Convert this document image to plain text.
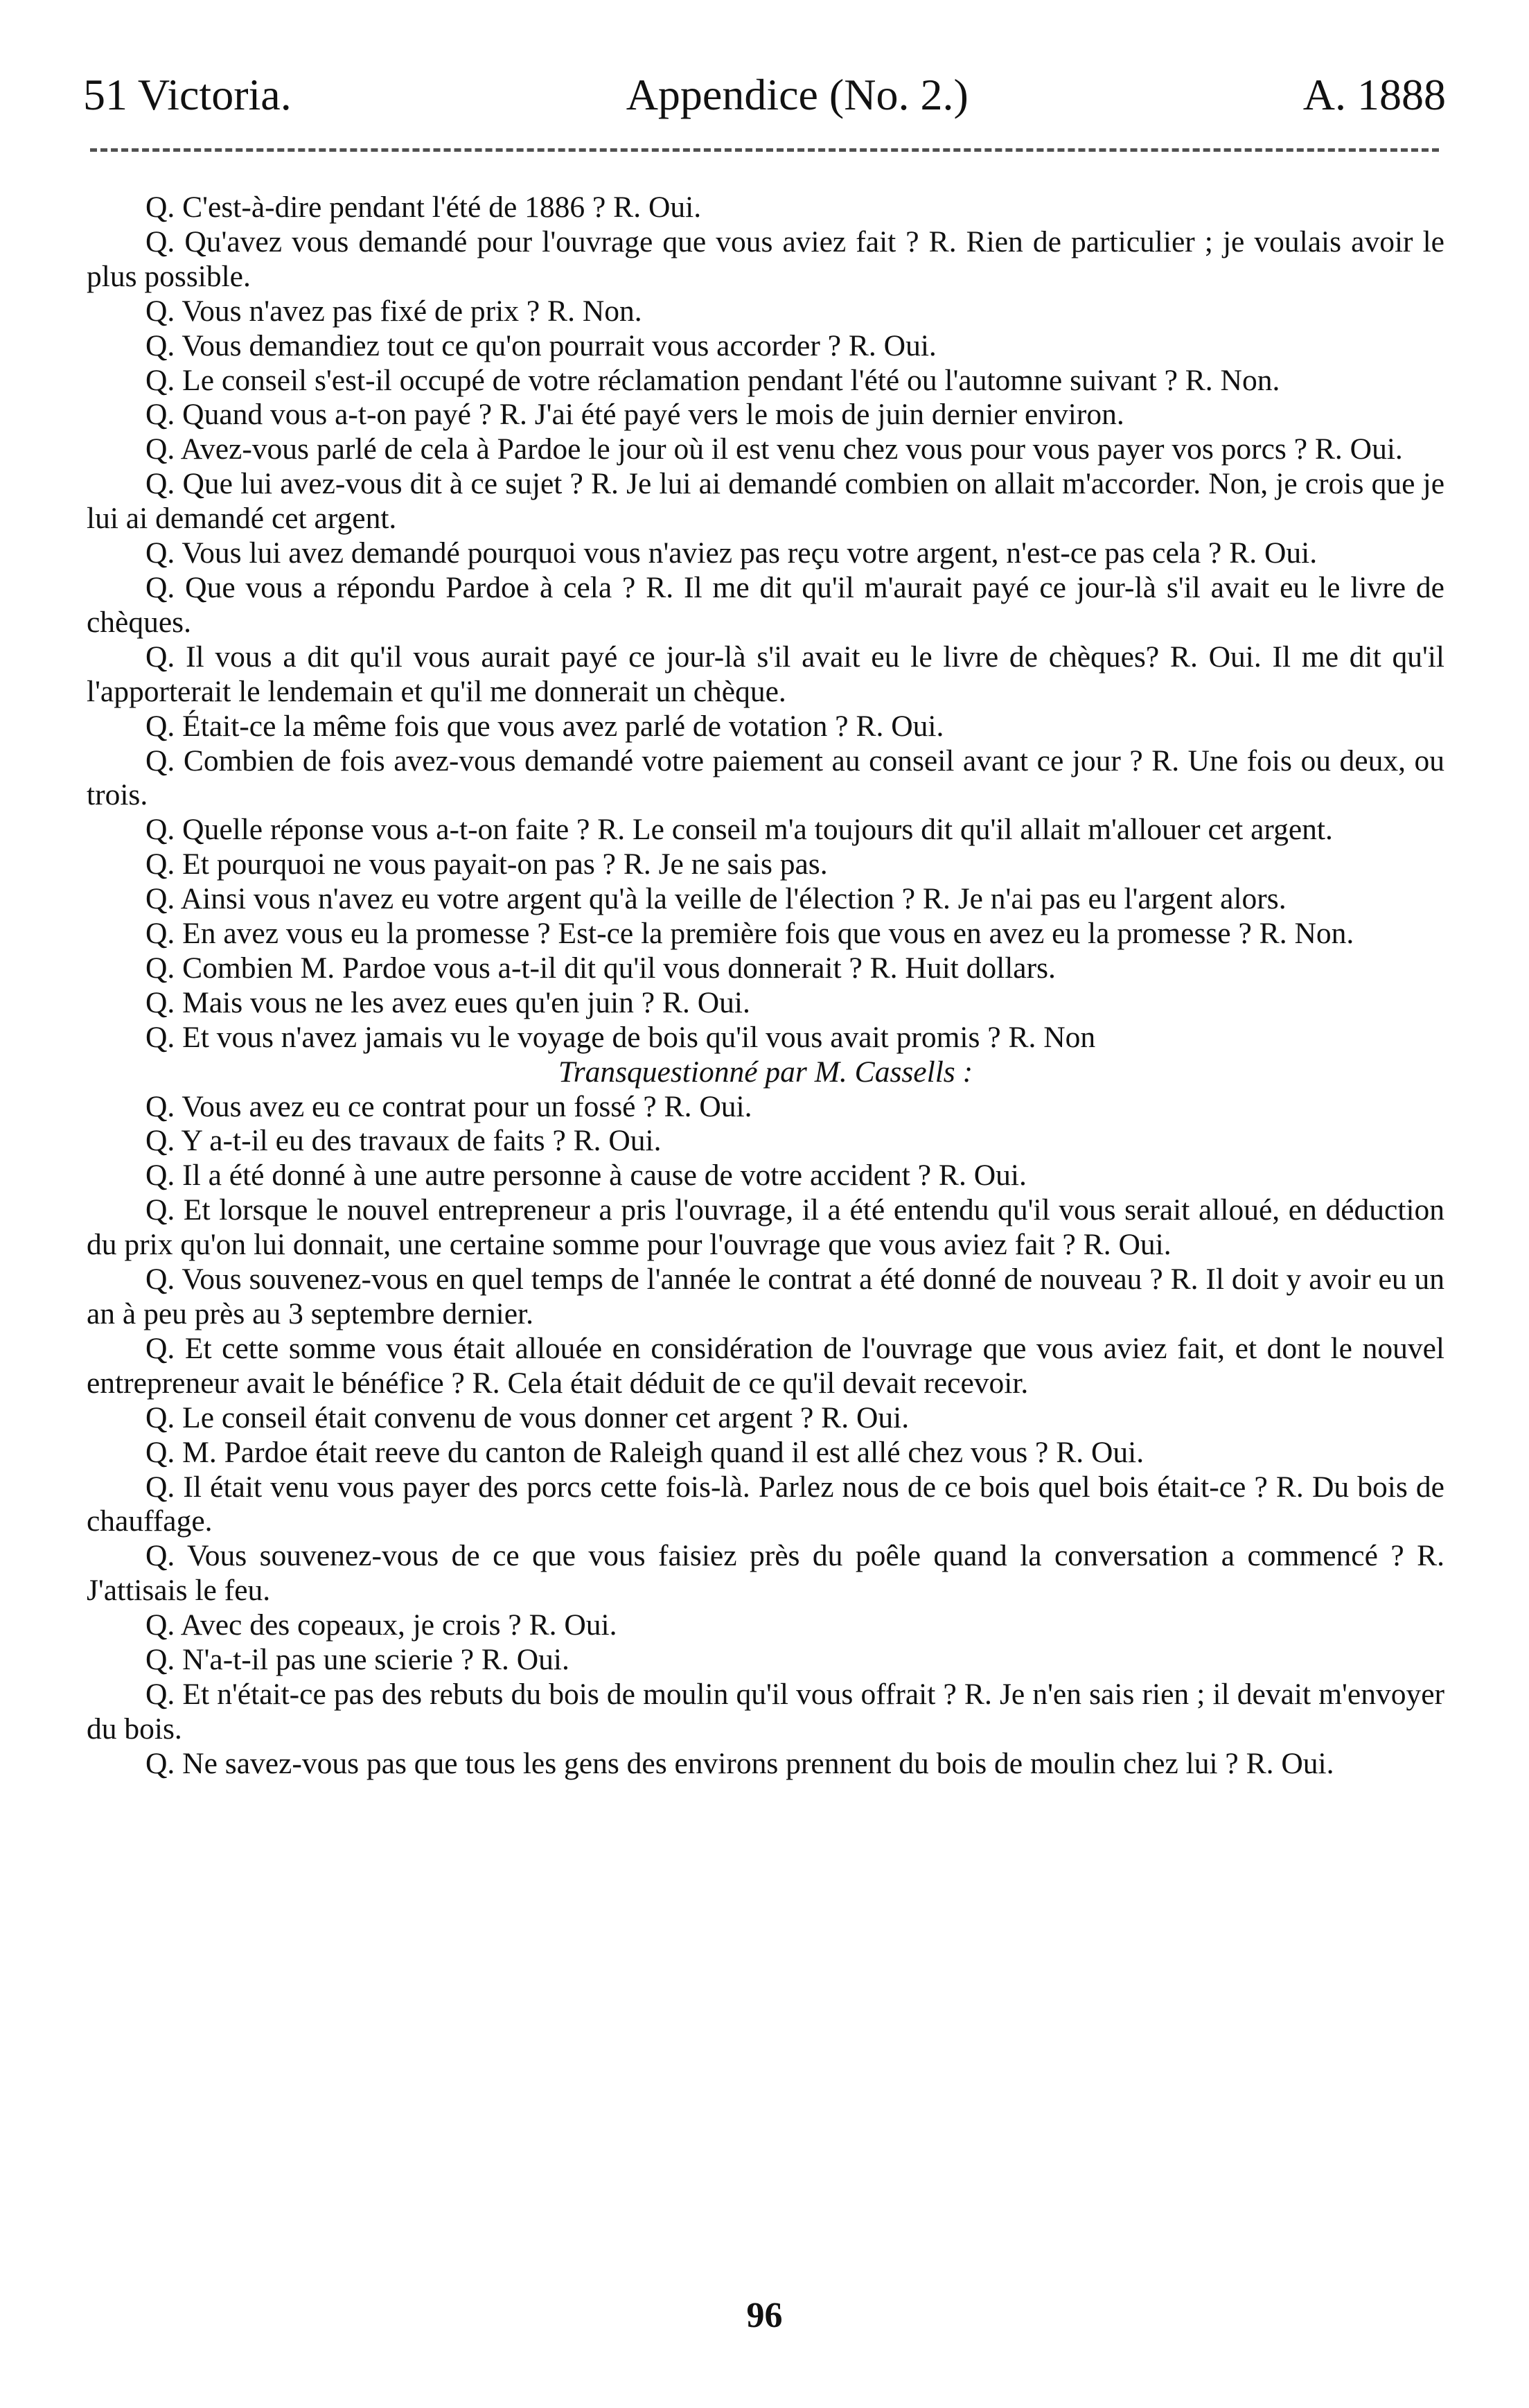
51 Victoria.	Appendice (No. 2.)	A. 1888

Q. C'est-à-dire pendant l'été de 1886 ? R. Oui.

Q. Qu'avez vous demandé pour l'ouvrage que vous aviez fait ? R. Rien de particulier ; je voulais avoir le plus possible.

Q. Vous n'avez pas fixé de prix ? R. Non.

Q. Vous demandiez tout ce qu'on pourrait vous accorder ? R. Oui.

Q. Le conseil s'est-il occupé de votre réclamation pendant l'été ou l'automne suivant ? R. Non.

Q. Quand vous a-t-on payé ? R. J'ai été payé vers le mois de juin dernier environ.

Q. Avez-vous parlé de cela à Pardoe le jour où il est venu chez vous pour vous payer vos porcs ? R. Oui.

Q. Que lui avez-vous dit à ce sujet ? R. Je lui ai demandé combien on allait m'accorder. Non, je crois que je lui ai demandé cet argent.

Q. Vous lui avez demandé pourquoi vous n'aviez pas reçu votre argent, n'est-ce pas cela ? R. Oui.

Q. Que vous a répondu Pardoe à cela ? R. Il me dit qu'il m'aurait payé ce jour-là s'il avait eu le livre de chèques.

Q. Il vous a dit qu'il vous aurait payé ce jour-là s'il avait eu le livre de chèques? R. Oui. Il me dit qu'il l'apporterait le lendemain et qu'il me donnerait un chèque.

Q. Était-ce la même fois que vous avez parlé de votation ? R. Oui.

Q. Combien de fois avez-vous demandé votre paiement au conseil avant ce jour ? R. Une fois ou deux, ou trois.

Q. Quelle réponse vous a-t-on faite ? R. Le conseil m'a toujours dit qu'il allait m'allouer cet argent.

Q. Et pourquoi ne vous payait-on pas ? R. Je ne sais pas.

Q. Ainsi vous n'avez eu votre argent qu'à la veille de l'élection ? R. Je n'ai pas eu l'argent alors.

Q. En avez vous eu la promesse ? Est-ce la première fois que vous en avez eu la promesse ? R. Non.

Q. Combien M. Pardoe vous a-t-il dit qu'il vous donnerait ? R. Huit dollars.

Q. Mais vous ne les avez eues qu'en juin ? R. Oui.

Q. Et vous n'avez jamais vu le voyage de bois qu'il vous avait promis ? R. Non

Transquestionné par M. Cassells :

Q. Vous avez eu ce contrat pour un fossé ? R. Oui.

Q. Y a-t-il eu des travaux de faits ? R. Oui.

Q. Il a été donné à une autre personne à cause de votre accident ? R. Oui.

Q. Et lorsque le nouvel entrepreneur a pris l'ouvrage, il a été entendu qu'il vous serait alloué, en déduction du prix qu'on lui donnait, une certaine somme pour l'ouvrage que vous aviez fait ? R. Oui.

Q. Vous souvenez-vous en quel temps de l'année le contrat a été donné de nouveau ? R. Il doit y avoir eu un an à peu près au 3 septembre dernier.

Q. Et cette somme vous était allouée en considération de l'ouvrage que vous aviez fait, et dont le nouvel entrepreneur avait le bénéfice ? R. Cela était déduit de ce qu'il devait recevoir.

Q. Le conseil était convenu de vous donner cet argent ? R. Oui.

Q. M. Pardoe était reeve du canton de Raleigh quand il est allé chez vous ? R. Oui.

Q. Il était venu vous payer des porcs cette fois-là. Parlez nous de ce bois quel bois était-ce ? R. Du bois de chauffage.

Q. Vous souvenez-vous de ce que vous faisiez près du poêle quand la conversation a commencé ? R. J'attisais le feu.

Q. Avec des copeaux, je crois ? R. Oui.

Q. N'a-t-il pas une scierie ? R. Oui.

Q. Et n'était-ce pas des rebuts du bois de moulin qu'il vous offrait ? R. Je n'en sais rien ; il devait m'envoyer du bois.

Q. Ne savez-vous pas que tous les gens des environs prennent du bois de moulin chez lui ? R. Oui.

96
